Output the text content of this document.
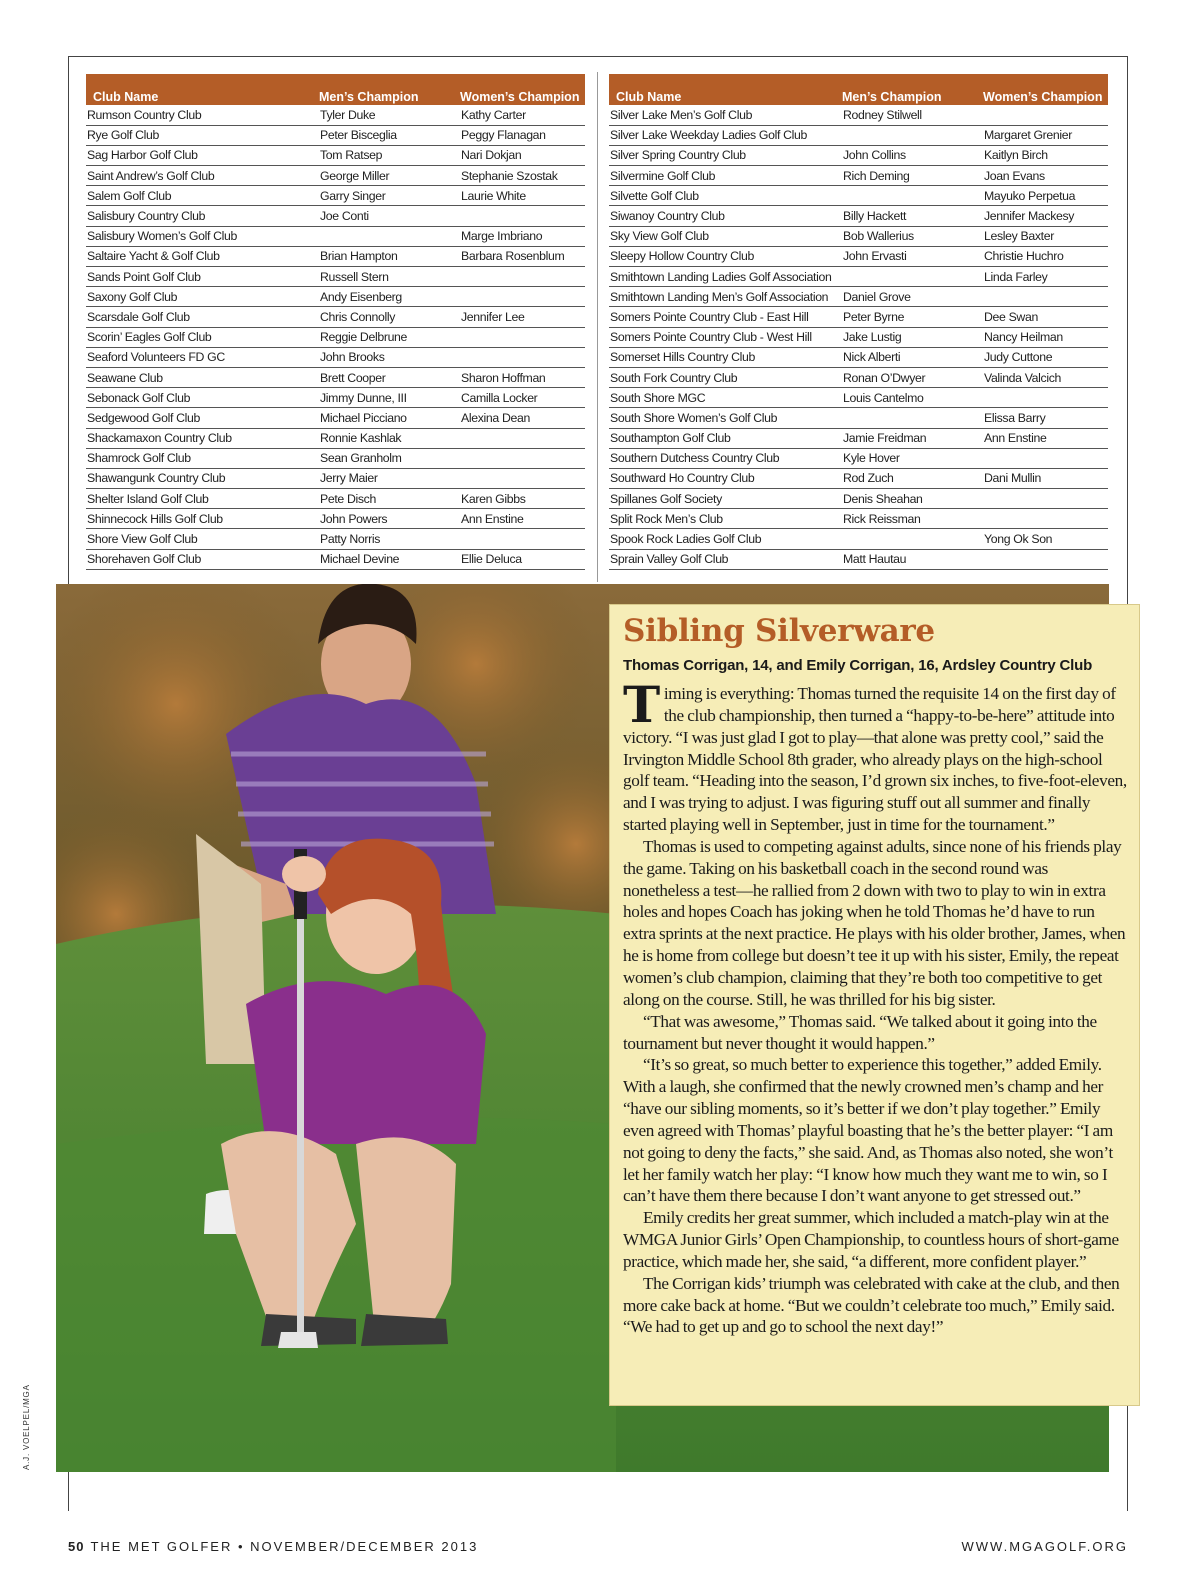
Club Name	Men’s Champion	Women’s Champion
Rumson Country Club	Tyler Duke	Kathy Carter
Rye Golf Club	Peter Bisceglia	Peggy Flanagan
Sag Harbor Golf Club	Tom Ratsep	Nari Dokjan
Saint Andrew’s Golf Club	George Miller	Stephanie Szostak
Salem Golf Club	Garry Singer	Laurie White
Salisbury Country Club	Joe Conti	
Salisbury Women’s Golf Club		Marge Imbriano
Saltaire Yacht & Golf Club	Brian Hampton	Barbara Rosenblum
Sands Point Golf Club	Russell Stern	
Saxony Golf Club	Andy Eisenberg	
Scarsdale Golf Club	Chris Connolly	Jennifer Lee
Scorin’ Eagles Golf Club	Reggie Delbrune	
Seaford Volunteers FD GC	John Brooks	
Seawane Club	Brett Cooper	Sharon Hoffman
Sebonack Golf Club	Jimmy Dunne, III	Camilla Locker
Sedgewood Golf Club	Michael Picciano	Alexina Dean
Shackamaxon Country Club	Ronnie Kashlak	
Shamrock Golf Club	Sean Granholm	
Shawangunk Country Club	Jerry Maier	
Shelter Island Golf Club	Pete Disch	Karen Gibbs
Shinnecock Hills Golf Club	John Powers	Ann Enstine
Shore View Golf Club	Patty Norris	
Shorehaven Golf Club	Michael Devine	Ellie Deluca
Club Name	Men’s Champion	Women’s Champion
Silver Lake Men’s Golf Club	Rodney Stilwell	
Silver Lake Weekday Ladies Golf Club		Margaret Grenier
Silver Spring Country Club	John Collins	Kaitlyn Birch
Silvermine Golf Club	Rich Deming	Joan Evans
Silvette Golf Club		Mayuko Perpetua
Siwanoy Country Club	Billy Hackett	Jennifer Mackesy
Sky View Golf Club	Bob Wallerius	Lesley Baxter
Sleepy Hollow Country Club	John Ervasti	Christie Huchro
Smithtown Landing Ladies Golf Association		Linda Farley
Smithtown Landing Men’s Golf Association	Daniel Grove	
Somers Pointe Country Club - East Hill	Peter Byrne	Dee Swan
Somers Pointe Country Club - West Hill	Jake Lustig	Nancy Heilman
Somerset Hills Country Club	Nick Alberti	Judy Cuttone
South Fork Country Club	Ronan O’Dwyer	Valinda Valcich
South Shore MGC	Louis Cantelmo	
South Shore Women’s Golf Club		Elissa Barry
Southampton Golf Club	Jamie Freidman	Ann Enstine
Southern Dutchess Country Club	Kyle Hover	
Southward Ho Country Club	Rod Zuch	Dani Mullin
Spillanes Golf Society	Denis Sheahan	
Split Rock Men’s Club	Rick Reissman	
Spook Rock Ladies Golf Club		Yong Ok Son
Sprain Valley Golf Club	Matt Hautau	
Sibling Silverware
Thomas Corrigan, 14, and Emily Corrigan, 16, Ardsley Country Club

Timing is everything: Thomas turned the requisite 14 on the first day of the club championship, then turned a “happy-to-be-here” attitude into victory. “I was just glad I got to play—that alone was pretty cool,” said the Irvington Middle School 8th grader, who already plays on the high-school golf team. “Heading into the season, I’d grown six inches, to five-foot-eleven, and I was trying to adjust. I was figuring stuff out all summer and finally started playing well in September, just in time for the tournament.”

Thomas is used to competing against adults, since none of his friends play the game. Taking on his basketball coach in the second round was nonetheless a test—he rallied from 2 down with two to play to win in extra holes and hopes Coach has joking when he told Thomas he’d have to run extra sprints at the next practice. He plays with his older brother, James, when he is home from college but doesn’t tee it up with his sister, Emily, the repeat women’s club champion, claiming that they’re both too competitive to get along on the course. Still, he was thrilled for his big sister.

“That was awesome,” Thomas said. “We talked about it going into the tournament but never thought it would happen.”

“It’s so great, so much better to experience this together,” added Emily. With a laugh, she confirmed that the newly crowned men’s champ and her “have our sibling moments, so it’s better if we don’t play together.” Emily even agreed with Thomas’ playful boasting that he’s the better player: “I am not going to deny the facts,” she said. And, as Thomas also noted, she won’t let her family watch her play: “I know how much they want me to win, so I can’t have them there because I don’t want anyone to get stressed out.”

Emily credits her great summer, which included a match-play win at the WMGA Junior Girls’ Open Championship, to countless hours of short-game practice, which made her, she said, “a different, more confident player.”

The Corrigan kids’ triumph was celebrated with cake at the club, and then more cake back at home. “But we couldn’t celebrate too much,” Emily said. “We had to get up and go to school the next day!”

A.J. VOELPEL/MGA
50 THE MET GOLFER • NOVEMBER/DECEMBER 2013	WWW.MGAGOLF.ORG
